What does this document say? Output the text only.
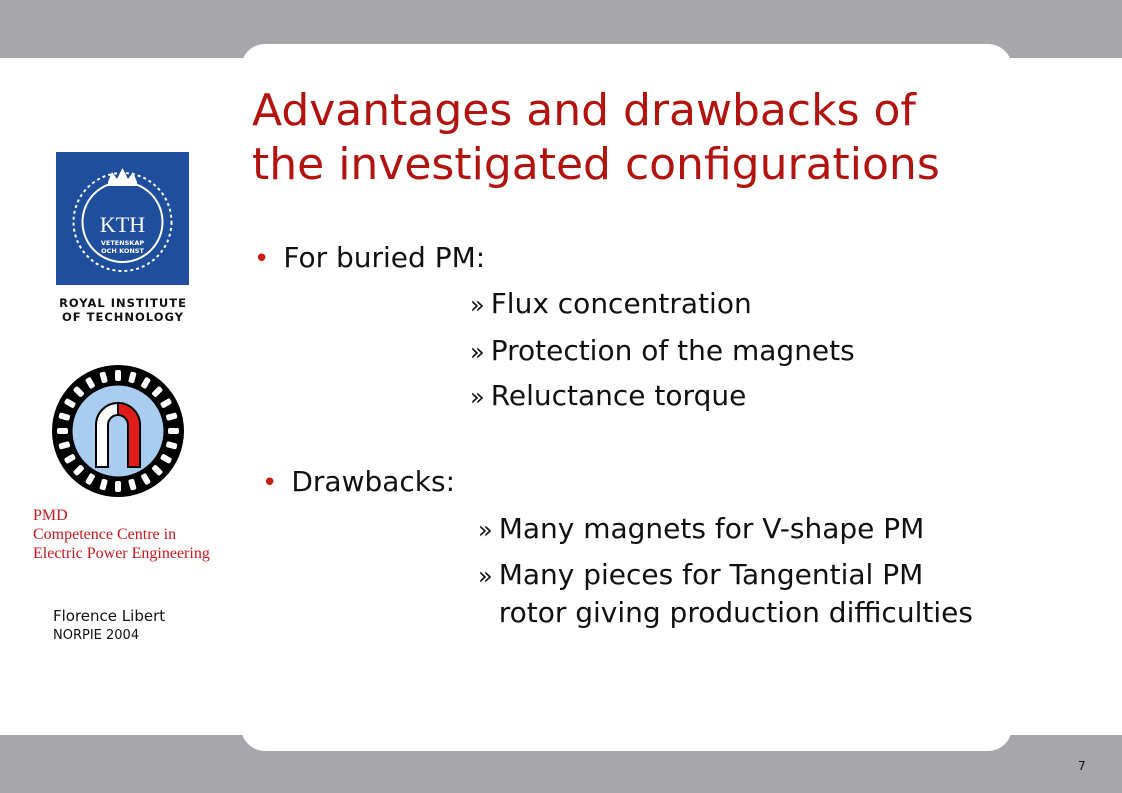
Advantages and drawbacks of
the investigated configurations
• For buried PM:
» Flux concentration
» Protection of the magnets
» Reluctance torque
• Drawbacks:
» Many magnets for V-shape PM
» Many pieces for Tangential PM rotor giving production difficulties
KTH
VETENSKAP
OCH KONST
ROYAL INSTITUTE
OF TECHNOLOGY
PMD
Competence Centre in
Electric Power Engineering
Florence Libert
NORPIE 2004
7
